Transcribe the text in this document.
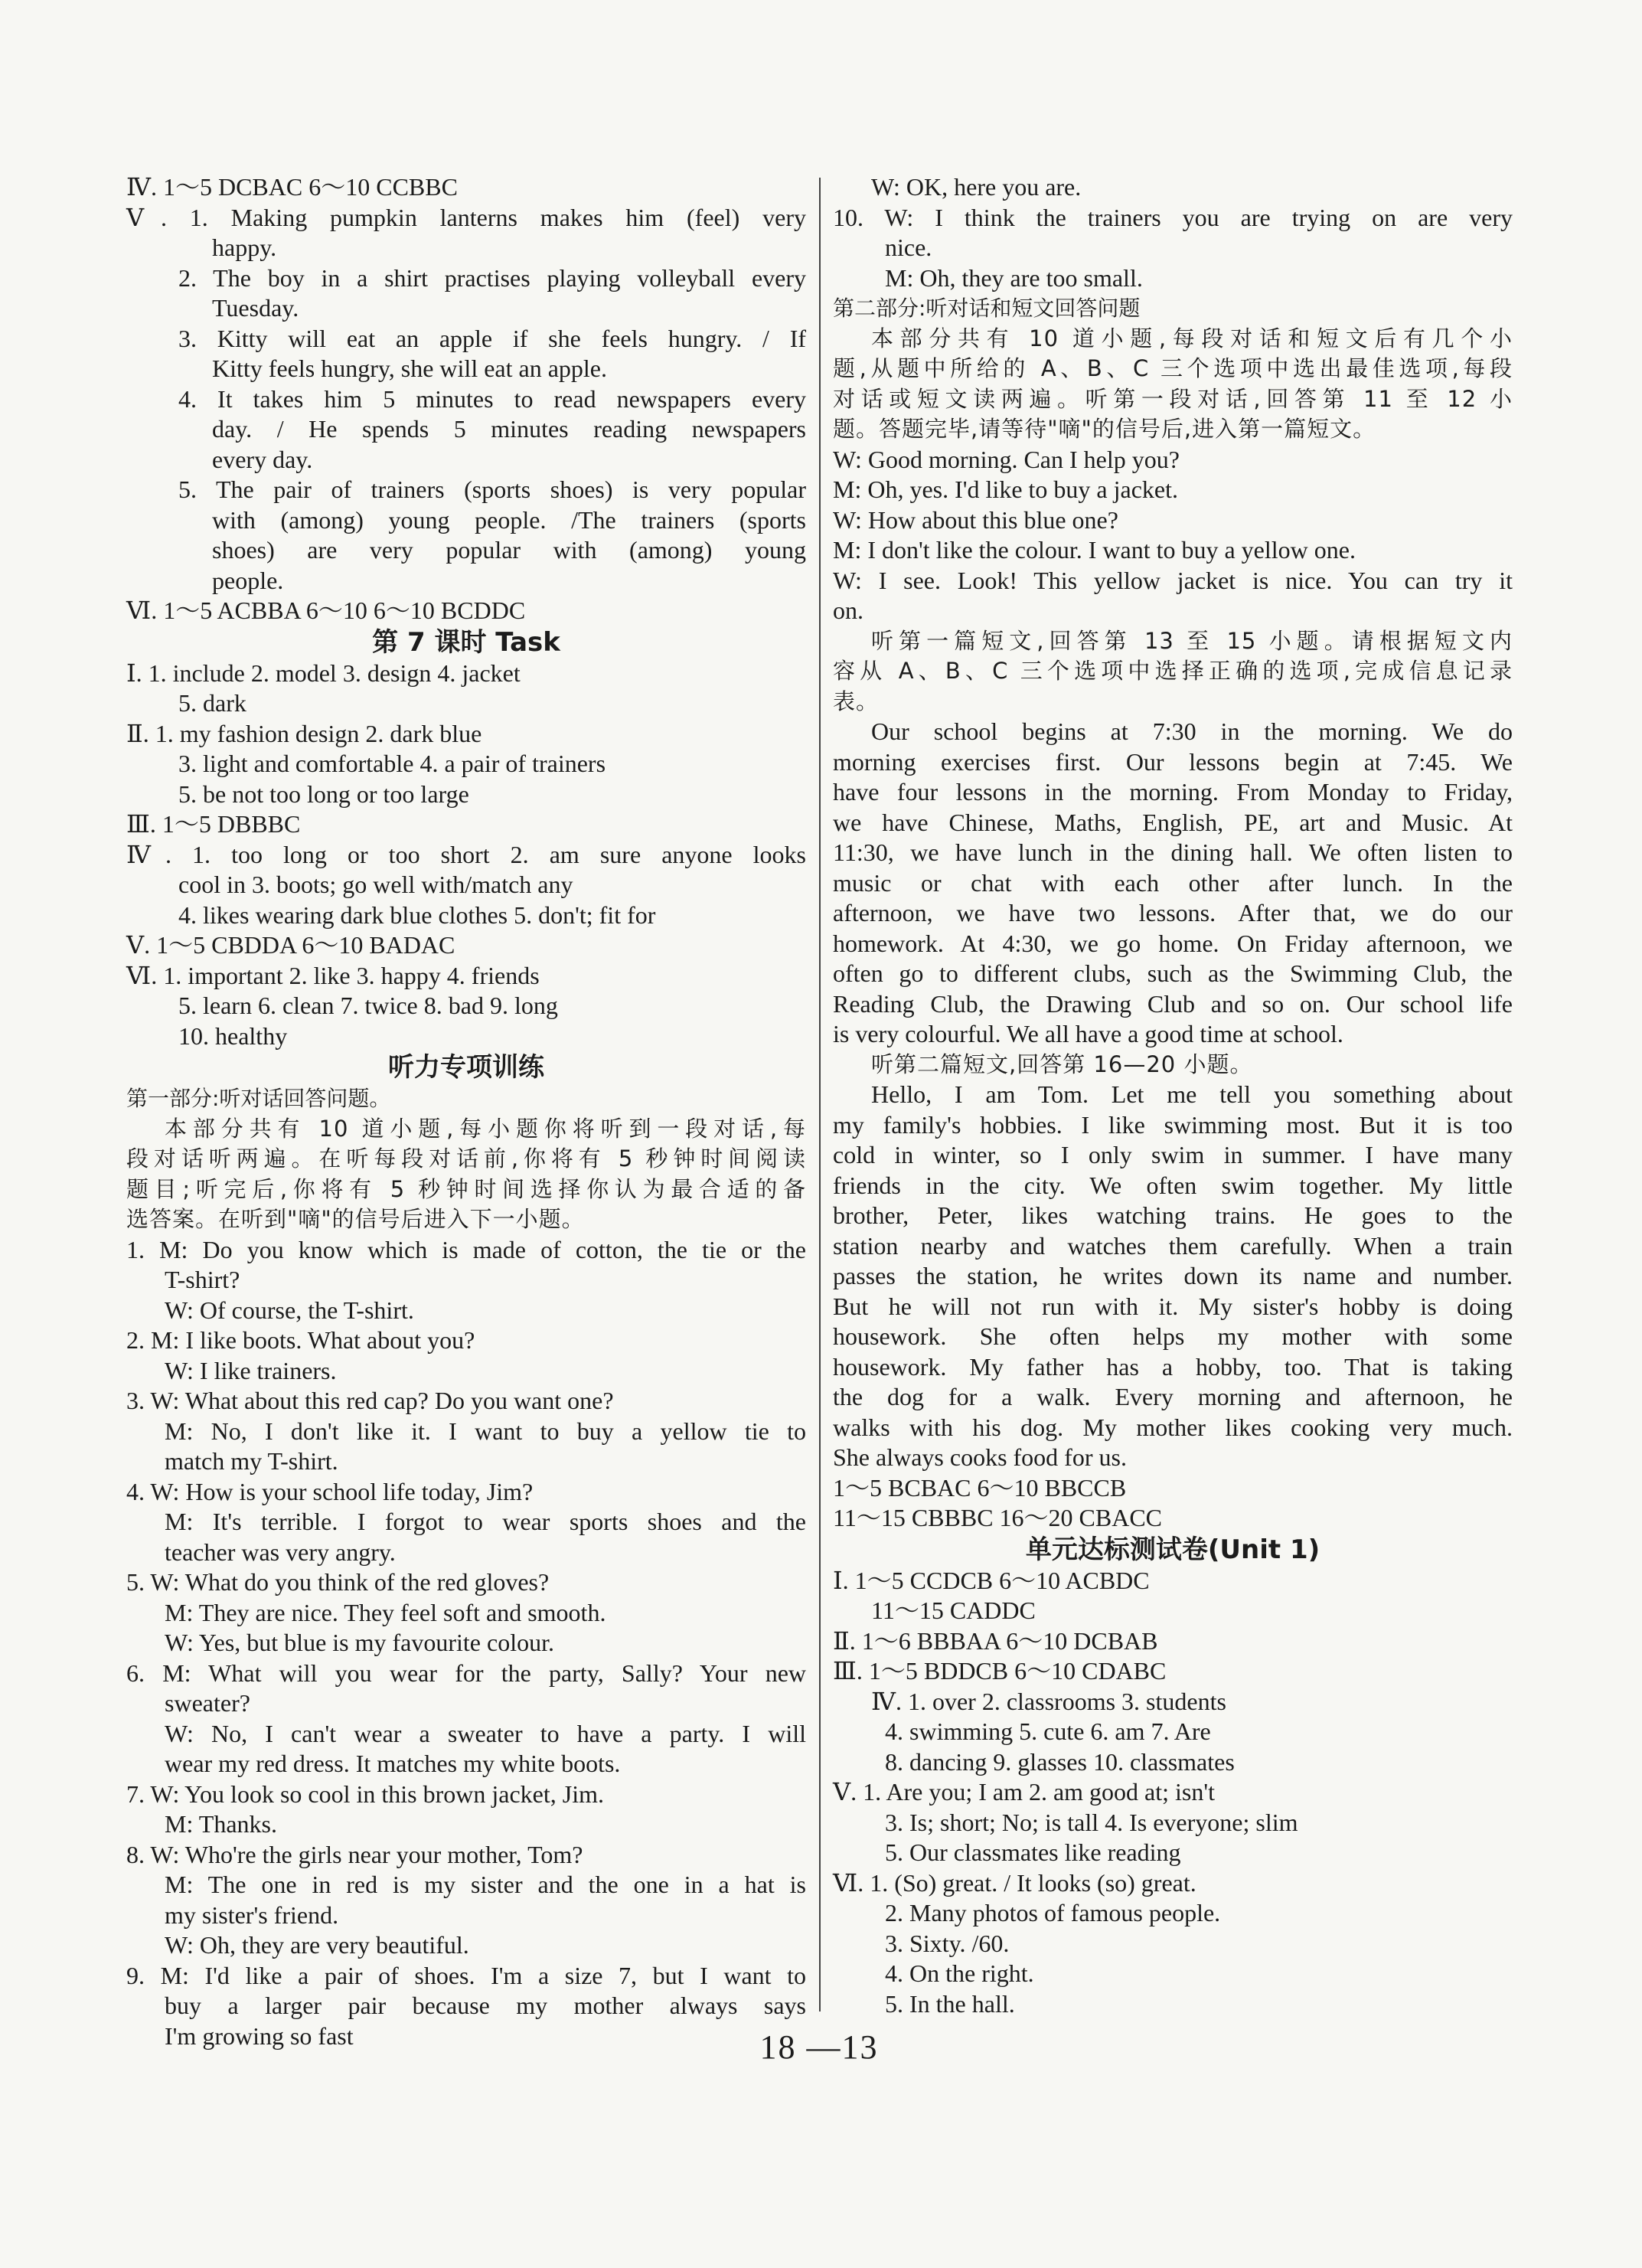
Ⅳ. 1～5 DCBAC 6～10 CCBBC
Ⅴ. 1. Making pumpkin lanterns makes him (feel) very
happy.
2. The boy in a shirt practises playing volleyball every
Tuesday.
3. Kitty will eat an apple if she feels hungry. / If
Kitty feels hungry, she will eat an apple.
4. It takes him 5 minutes to read newspapers every
day. / He spends 5 minutes reading newspapers
every day.
5. The pair of trainers (sports shoes) is very popular
with (among) young people. /The trainers (sports
shoes) are very popular with (among) young
people.
Ⅵ. 1～5 ACBBA 6～10 6～10 BCDDC
第 7 课时 Task
Ⅰ. 1. include 2. model 3. design 4. jacket
5. dark
Ⅱ. 1. my fashion design 2. dark blue
3. light and comfortable 4. a pair of trainers
5. be not too long or too large
Ⅲ. 1～5 DBBBC
Ⅳ. 1. too long or too short 2. am sure anyone looks
cool in 3. boots; go well with/match any
4. likes wearing dark blue clothes 5. don't; fit for
Ⅴ. 1～5 CBDDA 6～10 BADAC
Ⅵ. 1. important 2. like 3. happy 4. friends
5. learn 6. clean 7. twice 8. bad 9. long
10. healthy
听力专项训练
第一部分:听对话回答问题。
本部分共有 10 道小题,每小题你将听到一段对话,每
段对话听两遍。在听每段对话前,你将有 5 秒钟时间阅读
题目;听完后,你将有 5 秒钟时间选择你认为最合适的备
选答案。在听到"嘀"的信号后进入下一小题。
1. M: Do you know which is made of cotton, the tie or the
T-shirt?
W: Of course, the T-shirt.
2. M: I like boots. What about you?
W: I like trainers.
3. W: What about this red cap? Do you want one?
M: No, I don't like it. I want to buy a yellow tie to
match my T-shirt.
4. W: How is your school life today, Jim?
M: It's terrible. I forgot to wear sports shoes and the
teacher was very angry.
5. W: What do you think of the red gloves?
M: They are nice. They feel soft and smooth.
W: Yes, but blue is my favourite colour.
6. M: What will you wear for the party, Sally? Your new
sweater?
W: No, I can't wear a sweater to have a party. I will
wear my red dress. It matches my white boots.
7. W: You look so cool in this brown jacket, Jim.
M: Thanks.
8. W: Who're the girls near your mother, Tom?
M: The one in red is my sister and the one in a hat is
my sister's friend.
W: Oh, they are very beautiful.
9. M: I'd like a pair of shoes. I'm a size 7, but I want to
buy a larger pair because my mother always says
I'm growing so fast
W: OK, here you are.
10. W: I think the trainers you are trying on are very
nice.
M: Oh, they are too small.
第二部分:听对话和短文回答问题
本部分共有 10 道小题,每段对话和短文后有几个小
题,从题中所给的 A、B、C 三个选项中选出最佳选项,每段
对话或短文读两遍。听第一段对话,回答第 11 至 12 小
题。答题完毕,请等待"嘀"的信号后,进入第一篇短文。
W: Good morning. Can I help you?
M: Oh, yes. I'd like to buy a jacket.
W: How about this blue one?
M: I don't like the colour. I want to buy a yellow one.
W: I see. Look! This yellow jacket is nice. You can try it
on.
听第一篇短文,回答第 13 至 15 小题。请根据短文内
容从 A、B、C 三个选项中选择正确的选项,完成信息记录
表。
Our school begins at 7:30 in the morning. We do
morning exercises first. Our lessons begin at 7:45. We
have four lessons in the morning. From Monday to Friday,
we have Chinese, Maths, English, PE, art and Music. At
11:30, we have lunch in the dining hall. We often listen to
music or chat with each other after lunch. In the
afternoon, we have two lessons. After that, we do our
homework. At 4:30, we go home. On Friday afternoon, we
often go to different clubs, such as the Swimming Club, the
Reading Club, the Drawing Club and so on. Our school life
is very colourful. We all have a good time at school.
听第二篇短文,回答第 16—20 小题。
Hello, I am Tom. Let me tell you something about
my family's hobbies. I like swimming most. But it is too
cold in winter, so I only swim in summer. I have many
friends in the city. We often swim together. My little
brother, Peter, likes watching trains. He goes to the
station nearby and watches them carefully. When a train
passes the station, he writes down its name and number.
But he will not run with it. My sister's hobby is doing
housework. She often helps my mother with some
housework. My father has a hobby, too. That is taking
the dog for a walk. Every morning and afternoon, he
walks with his dog. My mother likes cooking very much.
She always cooks food for us.
1～5 BCBAC 6～10 BBCCB
11～15 CBBBC 16～20 CBACC
单元达标测试卷(Unit 1)
Ⅰ. 1～5 CCDCB 6～10 ACBDC
11～15 CADDC
Ⅱ. 1～6 BBBAA 6～10 DCBAB
Ⅲ. 1～5 BDDCB 6～10 CDABC
Ⅳ. 1. over 2. classrooms 3. students
4. swimming 5. cute 6. am 7. Are
8. dancing 9. glasses 10. classmates
Ⅴ. 1. Are you; I am 2. am good at; isn't
3. Is; short; No; is tall 4. Is everyone; slim
5. Our classmates like reading
Ⅵ. 1. (So) great. / It looks (so) great.
2. Many photos of famous people.
3. Sixty. /60.
4. On the right.
5. In the hall.
18 —13
